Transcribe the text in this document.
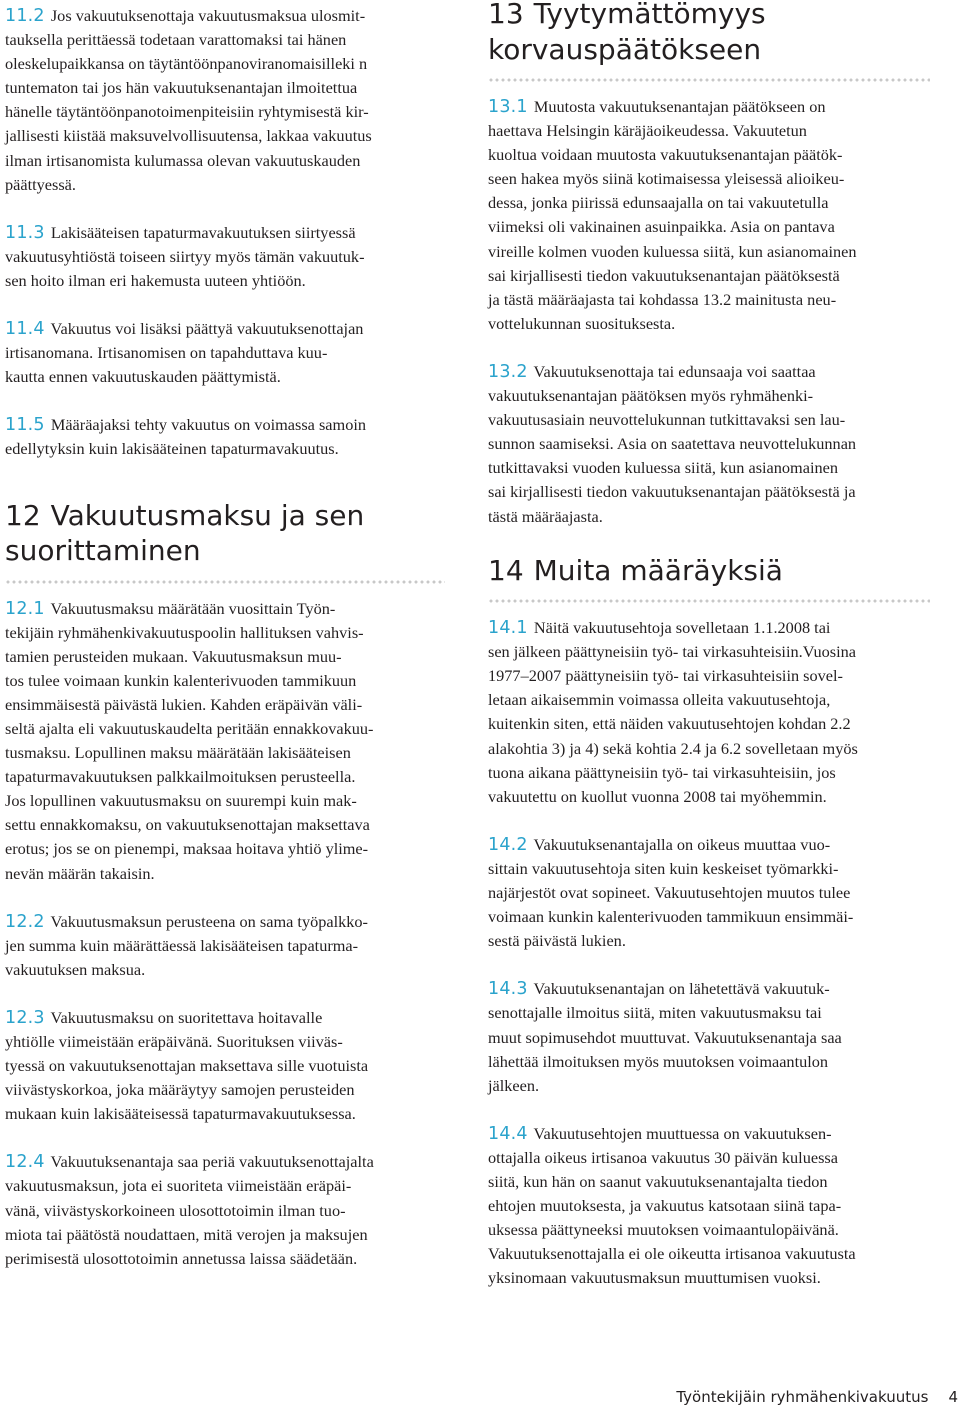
11.2 Jos vakuutuksenottaja vakuutusmaksua ulosmit-
tauksella perittäessä todetaan varattomaksi tai hänen
oleskelupaikkansa on täytäntöönpanoviranomaisilleki n
tuntematon tai jos hän vakuutuksenantajan ilmoitettua
hänelle täytäntöönpanotoimenpiteisiin ryhtymisestä kir-
jallisesti kiistää maksuvelvollisuutensa, lakkaa vakuutus
ilman irtisanomista kulumassa olevan vakuutuskauden
päättyessä.
11.3 Lakisääteisen tapaturmavakuutuksen siirtyessä
vakuutusyhtiöstä toiseen siirtyy myös tämän vakuutuk-
sen hoito ilman eri hakemusta uuteen yhtiöön.
11.4 Vakuutus voi lisäksi päättyä vakuutuksenottajan
irtisanomana. Irtisanomisen on tapahduttava kuu-
kautta ennen vakuutuskauden päättymistä.
11.5 Määräajaksi tehty vakuutus on voimassa samoin
edellytyksin kuin lakisääteinen tapaturmavakuutus.
12 Vakuutusmaksu ja sen
suorittaminen
12.1 Vakuutusmaksu määrätään vuosittain Työn-
tekijäin ryhmähenkivakuutuspoolin hallituksen vahvis-
tamien perusteiden mukaan. Vakuutusmaksun muu-
tos tulee voimaan kunkin kalenterivuoden tammikuun
ensimmäisestä päivästä lukien. Kahden eräpäivän väli-
seltä ajalta eli vakuutuskaudelta peritään ennakkovakuu-
tusmaksu. Lopullinen maksu määrätään lakisääteisen
tapaturmavakuutuksen palkkailmoituksen perusteella.
Jos lopullinen vakuutusmaksu on suurempi kuin mak-
settu ennakkomaksu, on vakuutuksenottajan maksettava
erotus; jos se on pienempi, maksaa hoitava yhtiö ylime-
nevän määrän takaisin.
12.2 Vakuutusmaksun perusteena on sama työpalkko-
jen summa kuin määrättäessä lakisääteisen tapaturma-
vakuutuksen maksua.
12.3 Vakuutusmaksu on suoritettava hoitavalle
yhtiölle viimeistään eräpäivänä. Suorituksen viiväs-
tyessä on vakuutuksenottajan maksettava sille vuotuista
viivästyskorkoa, joka määräytyy samojen perusteiden
mukaan kuin lakisääteisessä tapaturmavakuutuksessa.
12.4 Vakuutuksenantaja saa periä vakuutuksenottajalta
vakuutusmaksun, jota ei suoriteta viimeistään eräpäi-
vänä, viivästyskorkoineen ulosottotoimin ilman tuo-
miota tai päätöstä noudattaen, mitä verojen ja maksujen
perimisestä ulosottotoimin annetussa laissa säädetään.
13 Tyytymättömyys
korvauspäätökseen
13.1 Muutosta vakuutuksenantajan päätökseen on
haettava Helsingin käräjäoikeudessa. Vakuutetun
kuoltua voidaan muutosta vakuutuksenantajan päätök-
seen hakea myös siinä kotimaisessa yleisessä alioikeu-
dessa, jonka piirissä edunsaajalla on tai vakuutetulla
viimeksi oli vakinainen asuinpaikka. Asia on pantava
vireille kolmen vuoden kuluessa siitä, kun asianomainen
sai kirjallisesti tiedon vakuutuksenantajan päätöksestä
ja tästä määräajasta tai kohdassa 13.2 mainitusta neu-
vottelukunnan suosituksesta.
13.2 Vakuutuksenottaja tai edunsaaja voi saattaa
vakuutuksenantajan päätöksen myös ryhmähenki-
vakuutusasiain neuvottelukunnan tutkittavaksi sen lau-
sunnon saamiseksi. Asia on saatettava neuvottelukunnan
tutkittavaksi vuoden kuluessa siitä, kun asianomainen
sai kirjallisesti tiedon vakuutuksenantajan päätöksestä ja
tästä määräajasta.
14 Muita määräyksiä
14.1 Näitä vakuutusehtoja sovelletaan 1.1.2008 tai
sen jälkeen päättyneisiin työ- tai virkasuhteisiin.Vuosina
1977–2007 päättyneisiin työ- tai virkasuhteisiin sovel-
letaan aikaisemmin voimassa olleita vakuutusehtoja,
kuitenkin siten, että näiden vakuutusehtojen kohdan 2.2
alakohtia 3) ja 4) sekä kohtia 2.4 ja 6.2 sovelletaan myös
tuona aikana päättyneisiin työ- tai virkasuhteisiin, jos
vakuutettu on kuollut vuonna 2008 tai myöhemmin.
14.2 Vakuutuksenantajalla on oikeus muuttaa vuo-
sittain vakuutusehtoja siten kuin keskeiset työmarkki-
najärjestöt ovat sopineet. Vakuutusehtojen muutos tulee
voimaan kunkin kalenterivuoden tammikuun ensimmäi-
sestä päivästä lukien.
14.3 Vakuutuksenantajan on lähetettävä vakuutuk-
senottajalle ilmoitus siitä, miten vakuutusmaksu tai
muut sopimusehdot muuttuvat. Vakuutuksenantaja saa
lähettää ilmoituksen myös muutoksen voimaantulon
jälkeen.
14.4 Vakuutusehtojen muuttuessa on vakuutuksen-
ottajalla oikeus irtisanoa vakuutus 30 päivän kuluessa
siitä, kun hän on saanut vakuutuksenantajalta tiedon
ehtojen muutoksesta, ja vakuutus katsotaan siinä tapa-
uksessa päättyneeksi muutoksen voimaantulopäivänä.
Vakuutuksenottajalla ei ole oikeutta irtisanoa vakuutusta
yksinomaan vakuutusmaksun muuttumisen vuoksi.
Työntekijäin ryhmähenkivakuutus 4
